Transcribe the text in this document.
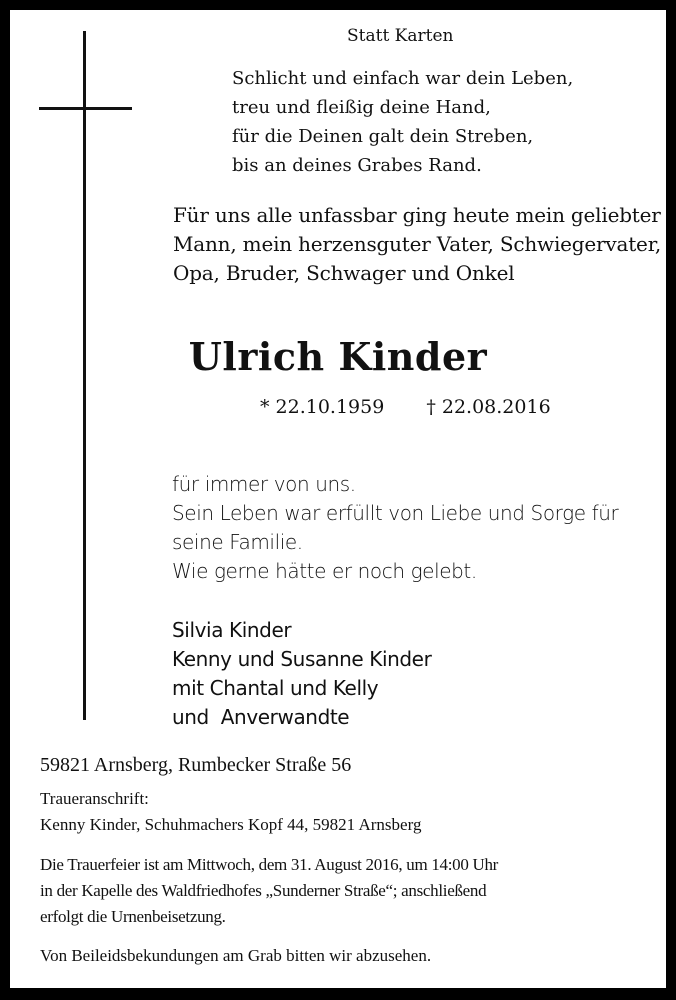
Statt Karten
Schlicht und einfach war dein Leben,
treu und fleißig deine Hand,
für die Deinen galt dein Streben,
bis an deines Grabes Rand.
Für uns alle unfassbar ging heute mein geliebter
Mann, mein herzensguter Vater, Schwiegervater,
Opa, Bruder, Schwager und Onkel
Ulrich Kinder
* 22.10.1959 † 22.08.2016
für immer von uns.
Sein Leben war erfüllt von Liebe und Sorge für
seine Familie.
Wie gerne hätte er noch gelebt.
Silvia Kinder
Kenny und Susanne Kinder
mit Chantal und Kelly
und  Anverwandte
59821 Arnsberg, Rumbecker Straße 56
Traueranschrift:
Kenny Kinder, Schuhmachers Kopf 44, 59821 Arnsberg
Die Trauerfeier ist am Mittwoch, dem 31. August 2016, um 14:00 Uhr
in der Kapelle des Waldfriedhofes „Sunderner Straße“; anschließend
erfolgt die Urnenbeisetzung.
Von Beileidsbekundungen am Grab bitten wir abzusehen.
